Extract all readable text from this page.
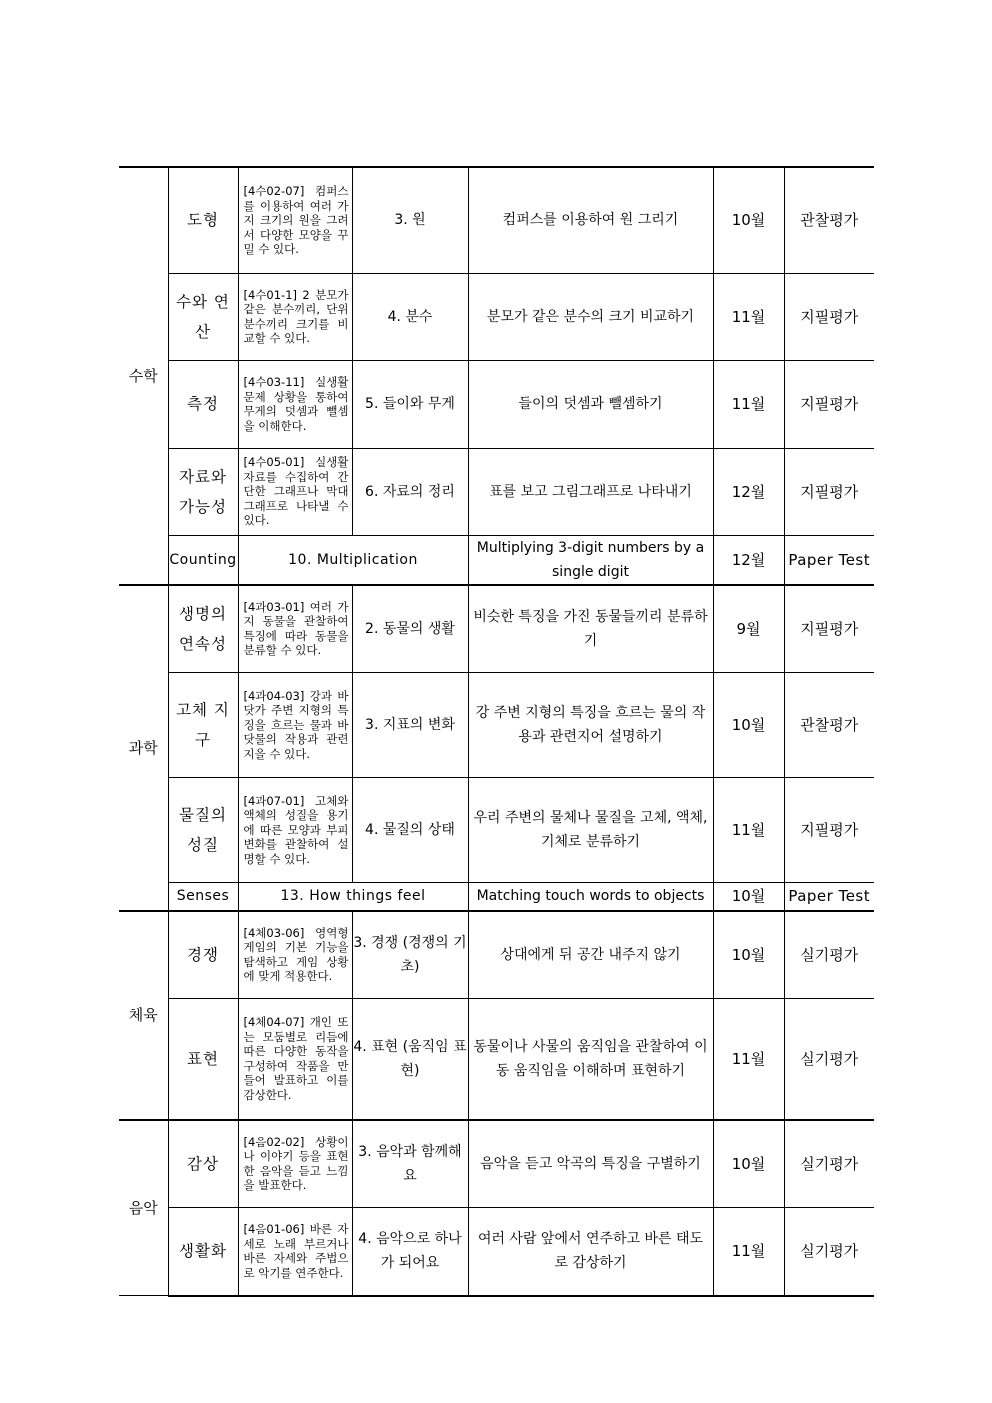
수학	도형	[4수02-07] 컴퍼스를 이용하여 여러 가지 크기의 원을 그려서 다양한 모양을 꾸밀 수 있다.	3. 원	컴퍼스를 이용하여 원 그리기	10월	관찰평가
	수와 연산	[4수01-1] 2 분모가 같은 분수끼리, 단위분수끼리 크기를 비교할 수 있다.	4. 분수	분모가 같은 분수의 크기 비교하기	11월	지필평가
	측정	[4수03-11] 실생활 문제 상황을 통하여 무게의 덧셈과 뺄셈을 이해한다.	5. 들이와 무게	들이의 덧셈과 뺄셈하기	11월	지필평가
	자료와 가능성	[4수05-01] 실생활 자료를 수집하여 간단한 그래프나 막대그래프로 나타낼 수 있다.	6. 자료의 정리	표를 보고 그림그래프로 나타내기	12월	지필평가
	Counting	10. Multiplication		Multiplying 3-digit numbers by a single digit	12월	Paper Test
과학	생명의 연속성	[4과03-01] 여러 가지 동물을 관찰하여 특징에 따라 동물을 분류할 수 있다.	2. 동물의 생활	비슷한 특징을 가진 동물들끼리 분류하기	9월	지필평가
	고체 지구	[4과04-03] 강과 바닷가 주변 지형의 특징을 흐르는 물과 바닷물의 작용과 관련지을 수 있다.	3. 지표의 변화	강 주변 지형의 특징을 흐르는 물의 작용과 관련지어 설명하기	10월	관찰평가
	물질의 성질	[4과07-01] 고체와 액체의 성질을 용기에 따른 모양과 부피 변화를 관찰하여 설명할 수 있다.	4. 물질의 상태	우리 주변의 물체나 물질을 고체, 액체, 기체로 분류하기	11월	지필평가
	Senses	13. How things feel		Matching touch words to objects	10월	Paper Test
체육	경쟁	[4체03-06] 영역형 게임의 기본 기능을 탐색하고 게임 상황에 맞게 적용한다.	3. 경쟁 (경쟁의 기초)	상대에게 뒤 공간 내주지 않기	10월	실기평가
	표현	[4체04-07] 개인 또는 모둠별로 리듬에 따른 다양한 동작을 구성하여 작품을 만들어 발표하고 이를 감상한다.	4. 표현 (움직임 표현)	동물이나 사물의 움직임을 관찰하여 이동 움직임을 이해하며 표현하기	11월	실기평가
음악	감상	[4음02-02] 상황이나 이야기 등을 표현한 음악을 듣고 느낌을 발표한다.	3. 음악과 함께해요	음악을 듣고 악곡의 특징을 구별하기	10월	실기평가
	생활화	[4음01-06] 바른 자세로 노래 부르거나 바른 자세와 주법으로 악기를 연주한다.	4. 음악으로 하나가 되어요	여러 사람 앞에서 연주하고 바른 태도로 감상하기	11월	실기평가
